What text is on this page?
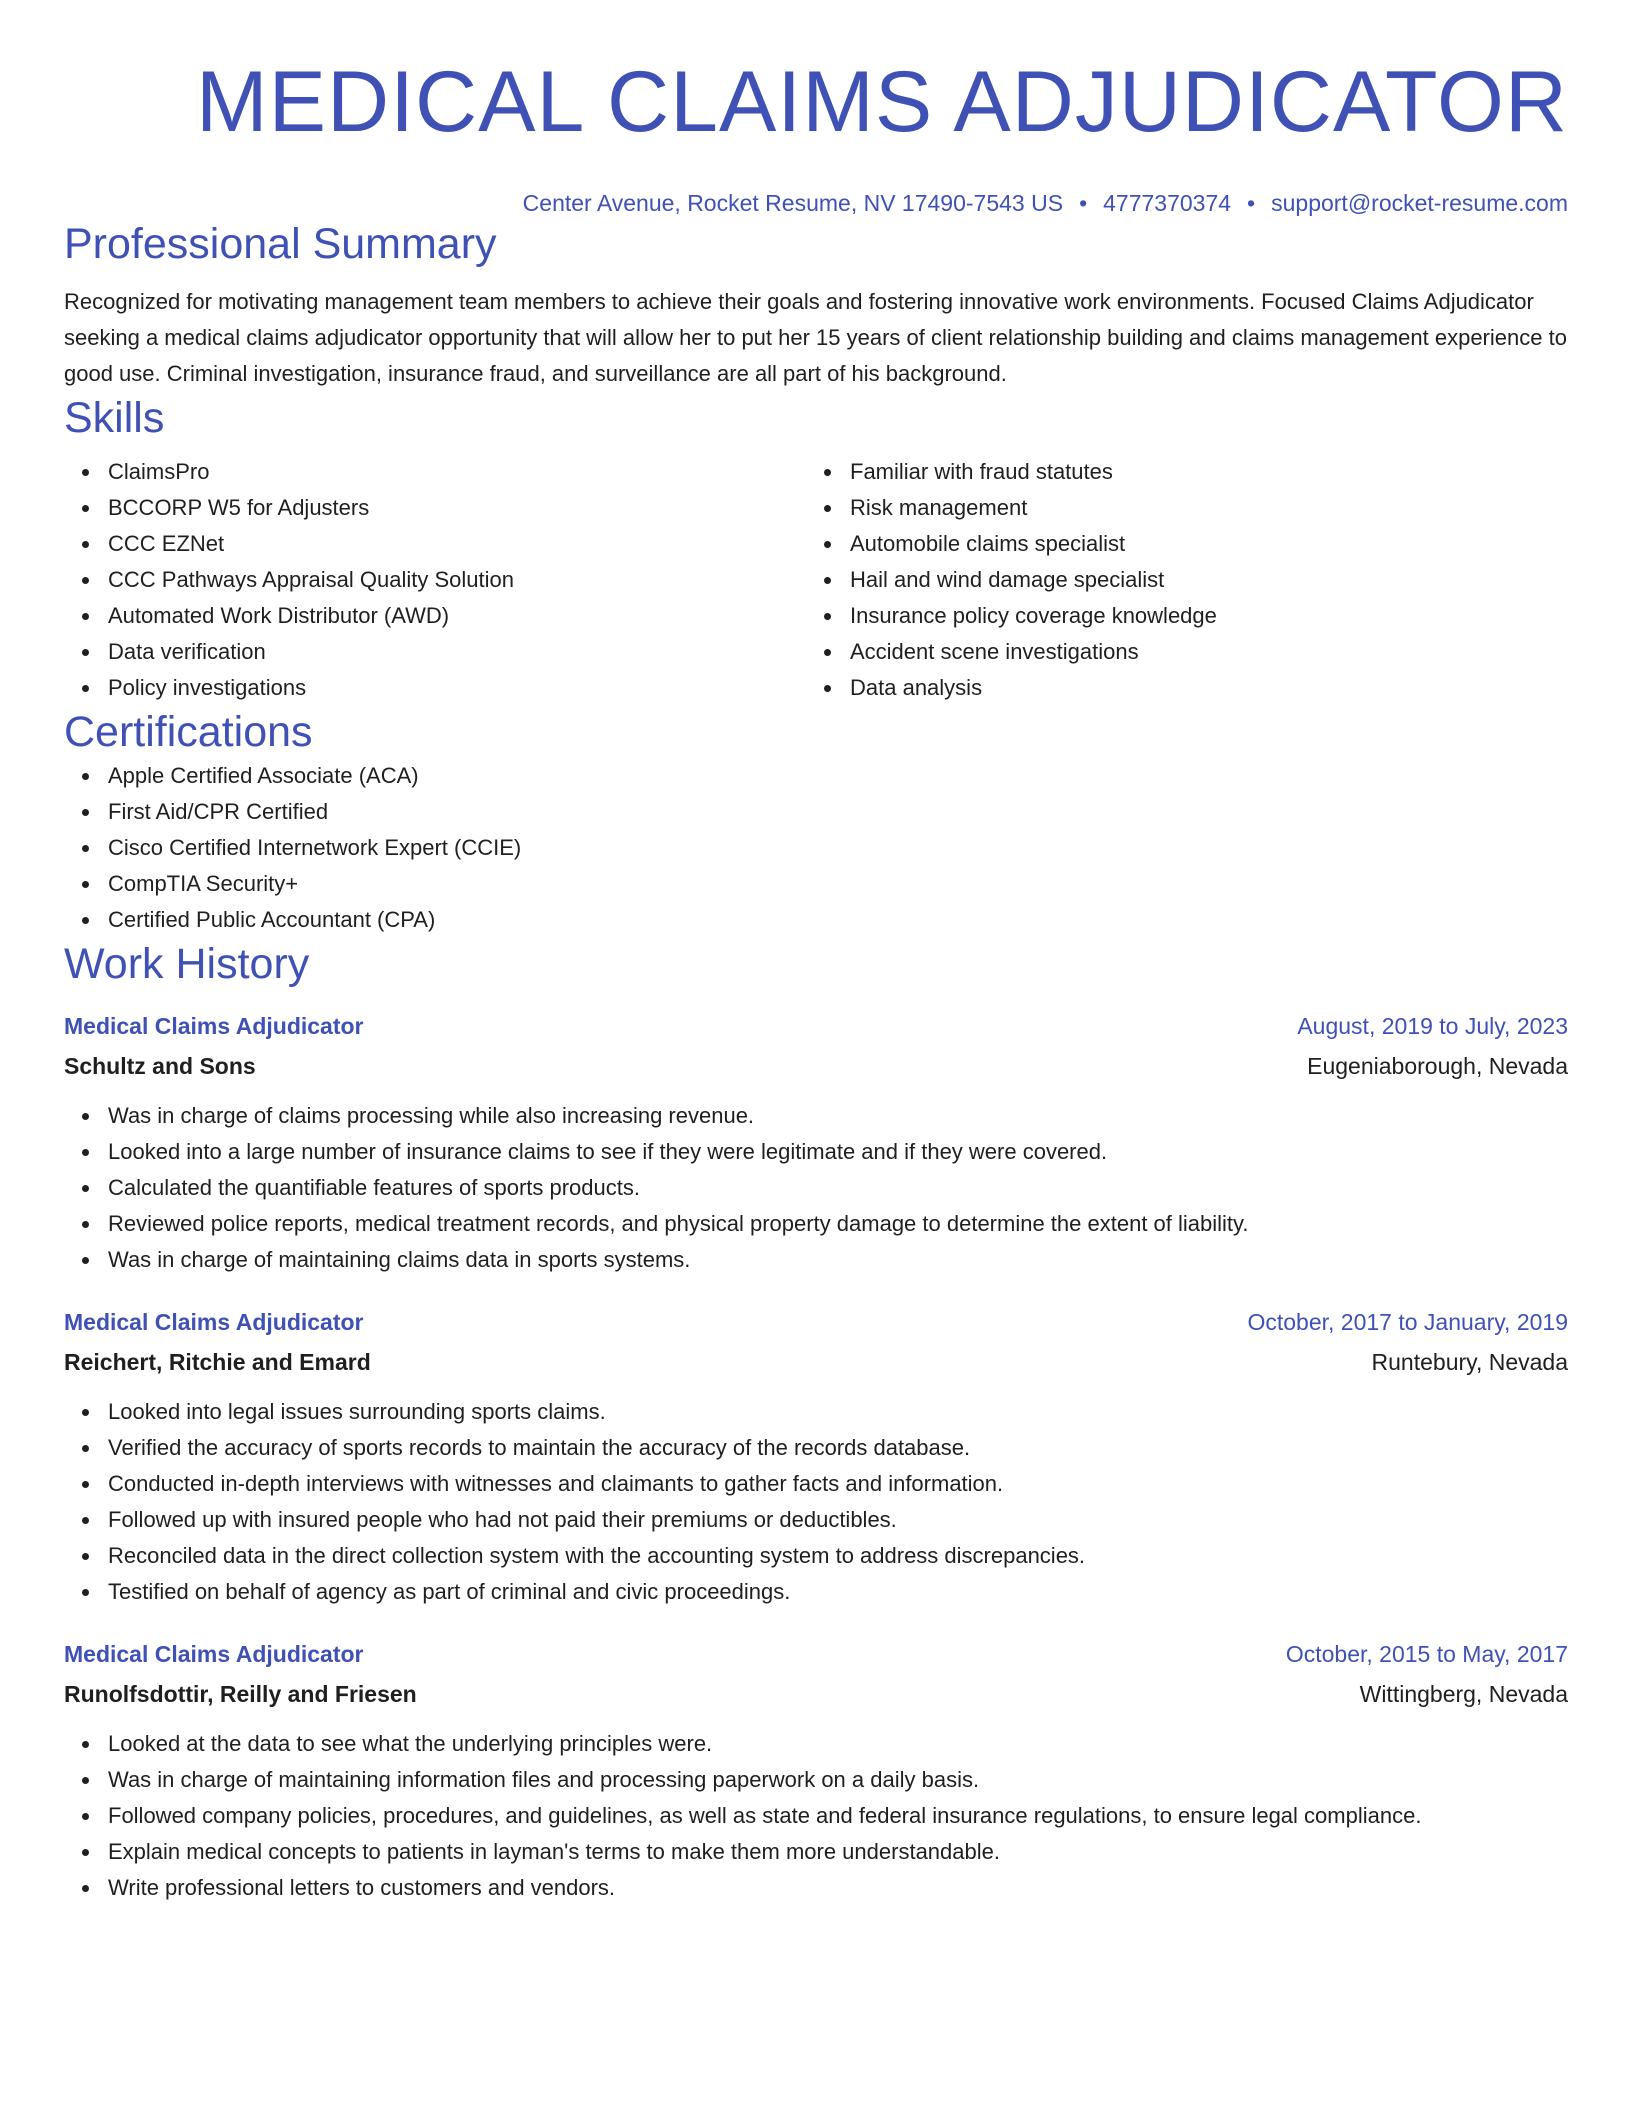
MEDICAL CLAIMS ADJUDICATOR
Center Avenue, Rocket Resume, NV 17490-7543 US • 4777370374 • support@rocket-resume.com
Professional Summary
Recognized for motivating management team members to achieve their goals and fostering innovative work environments. Focused Claims Adjudicator seeking a medical claims adjudicator opportunity that will allow her to put her 15 years of client relationship building and claims management experience to good use. Criminal investigation, insurance fraud, and surveillance are all part of his background.
Skills
ClaimsPro
BCCORP W5 for Adjusters
CCC EZNet
CCC Pathways Appraisal Quality Solution
Automated Work Distributor (AWD)
Data verification
Policy investigations
Familiar with fraud statutes
Risk management
Automobile claims specialist
Hail and wind damage specialist
Insurance policy coverage knowledge
Accident scene investigations
Data analysis
Certifications
Apple Certified Associate (ACA)
First Aid/CPR Certified
Cisco Certified Internetwork Expert (CCIE)
CompTIA Security+
Certified Public Accountant (CPA)
Work History
Medical Claims Adjudicator	August, 2019 to July, 2023
Schultz and Sons	Eugeniaborough, Nevada
Was in charge of claims processing while also increasing revenue.
Looked into a large number of insurance claims to see if they were legitimate and if they were covered.
Calculated the quantifiable features of sports products.
Reviewed police reports, medical treatment records, and physical property damage to determine the extent of liability.
Was in charge of maintaining claims data in sports systems.
Medical Claims Adjudicator	October, 2017 to January, 2019
Reichert, Ritchie and Emard	Runtebury, Nevada
Looked into legal issues surrounding sports claims.
Verified the accuracy of sports records to maintain the accuracy of the records database.
Conducted in-depth interviews with witnesses and claimants to gather facts and information.
Followed up with insured people who had not paid their premiums or deductibles.
Reconciled data in the direct collection system with the accounting system to address discrepancies.
Testified on behalf of agency as part of criminal and civic proceedings.
Medical Claims Adjudicator	October, 2015 to May, 2017
Runolfsdottir, Reilly and Friesen	Wittingberg, Nevada
Looked at the data to see what the underlying principles were.
Was in charge of maintaining information files and processing paperwork on a daily basis.
Followed company policies, procedures, and guidelines, as well as state and federal insurance regulations, to ensure legal compliance.
Explain medical concepts to patients in layman's terms to make them more understandable.
Write professional letters to customers and vendors.
